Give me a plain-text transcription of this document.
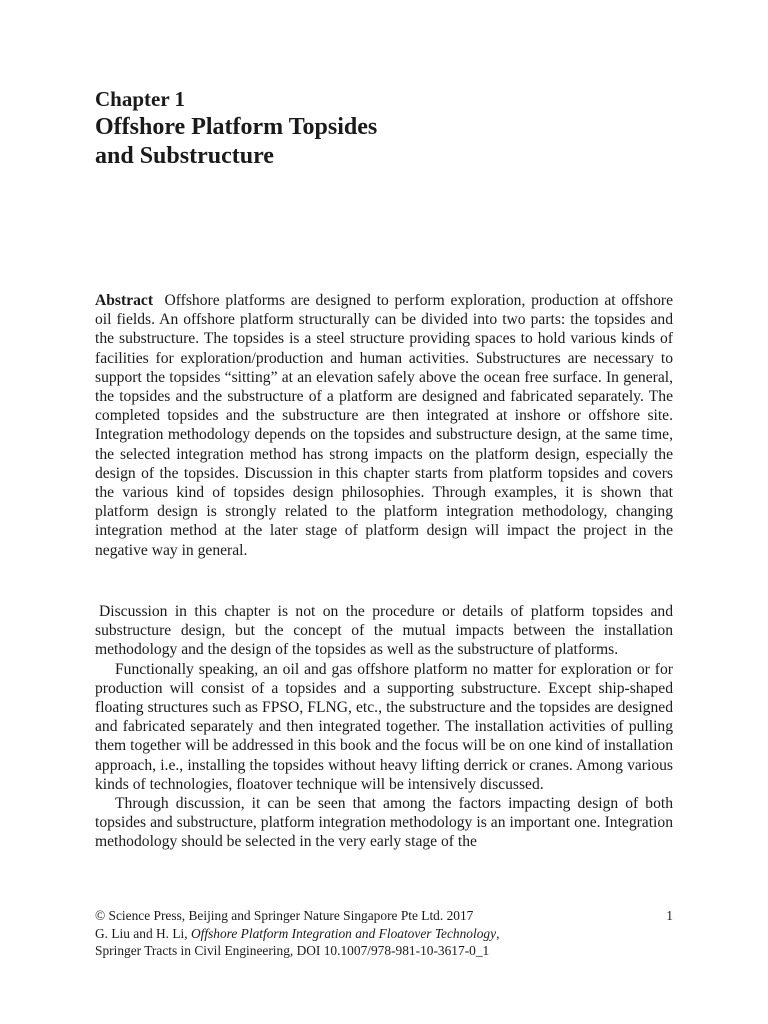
Chapter 1
Offshore Platform Topsides
and Substructure
Abstract Offshore platforms are designed to perform exploration, production at offshore oil fields. An offshore platform structurally can be divided into two parts: the topsides and the substructure. The topsides is a steel structure providing spaces to hold various kinds of facilities for exploration/production and human activities. Substructures are necessary to support the topsides “sitting” at an elevation safely above the ocean free surface. In general, the topsides and the substructure of a platform are designed and fabricated separately. The completed topsides and the substructure are then integrated at inshore or offshore site. Integration methodology depends on the topsides and substructure design, at the same time, the selected integration method has strong impacts on the platform design, especially the design of the topsides. Discussion in this chapter starts from platform topsides and covers the various kind of topsides design philosophies. Through examples, it is shown that platform design is strongly related to the platform integration methodology, changing integration method at the later stage of platform design will impact the project in the negative way in general.

Discussion in this chapter is not on the procedure or details of platform topsides and substructure design, but the concept of the mutual impacts between the installation methodology and the design of the topsides as well as the substructure of platforms.

Functionally speaking, an oil and gas offshore platform no matter for exploration or for production will consist of a topsides and a supporting substructure. Except ship-shaped floating structures such as FPSO, FLNG, etc., the substructure and the topsides are designed and fabricated separately and then integrated together. The installation activities of pulling them together will be addressed in this book and the focus will be on one kind of installation approach, i.e., installing the topsides without heavy lifting derrick or cranes. Among various kinds of technologies, floatover technique will be intensively discussed.

Through discussion, it can be seen that among the factors impacting design of both topsides and substructure, platform integration methodology is an important one. Integration methodology should be selected in the very early stage of the

© Science Press, Beijing and Springer Nature Singapore Pte Ltd. 2017
G. Liu and H. Li, Offshore Platform Integration and Floatover Technology,
Springer Tracts in Civil Engineering, DOI 10.1007/978-981-10-3617-0_1
1
